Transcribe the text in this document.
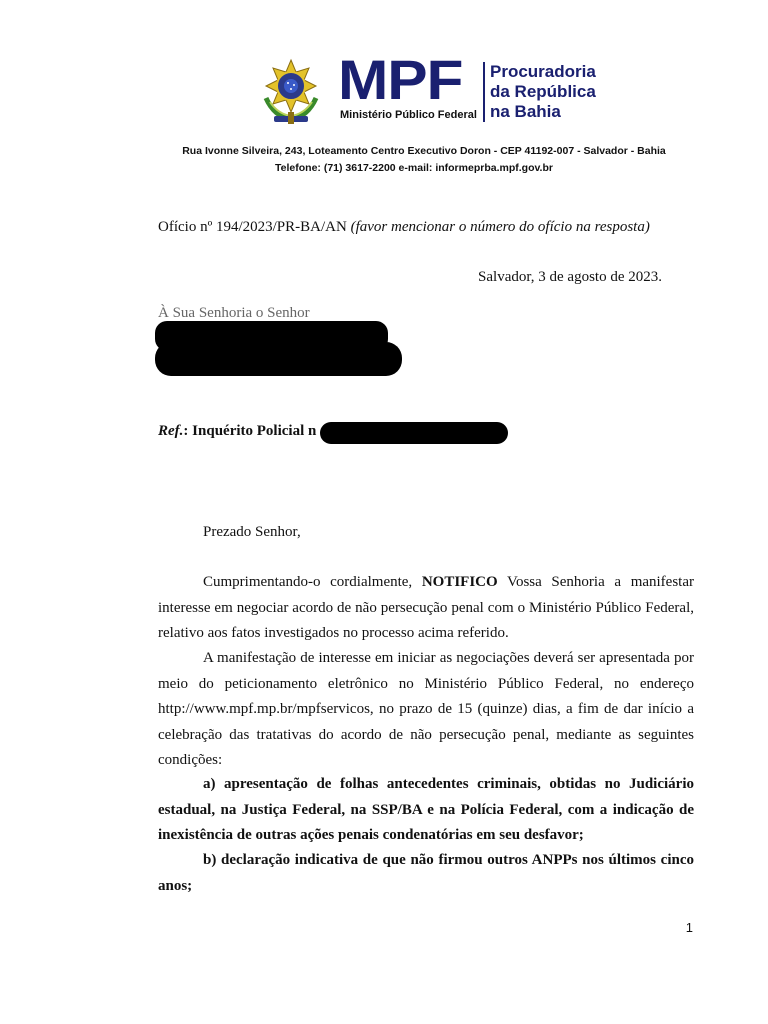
MPF
Ministério Público Federal
Procuradoria
da República
na Bahia
Rua Ivonne Silveira, 243, Loteamento Centro Executivo Doron - CEP 41192-007 - Salvador - Bahia
Telefone: (71) 3617-2200 e-mail: informeprba.mpf.gov.br
Ofício nº 194/2023/PR-BA/AN (favor mencionar o número do ofício na resposta)
Salvador, 3 de agosto de 2023.
À Sua Senhoria o Senhor
Ref.: Inquérito Policial n
Prezado Senhor,
Cumprimentando-o cordialmente, NOTIFICO Vossa Senhoria a manifestar interesse em negociar acordo de não persecução penal com o Ministério Público Federal, relativo aos fatos investigados no processo acima referido.
A manifestação de interesse em iniciar as negociações deverá ser apresentada por meio do peticionamento eletrônico no Ministério Público Federal, no endereço http://www.mpf.mp.br/mpfservicos, no prazo de 15 (quinze) dias, a fim de dar início a celebração das tratativas do acordo de não persecução penal, mediante as seguintes condições:
a) apresentação de folhas antecedentes criminais, obtidas no Judiciário estadual, na Justiça Federal, na SSP/BA e na Polícia Federal, com a indicação de inexistência de outras ações penais condenatórias em seu desfavor;
b) declaração indicativa de que não firmou outros ANPPs nos últimos cinco anos;
1
